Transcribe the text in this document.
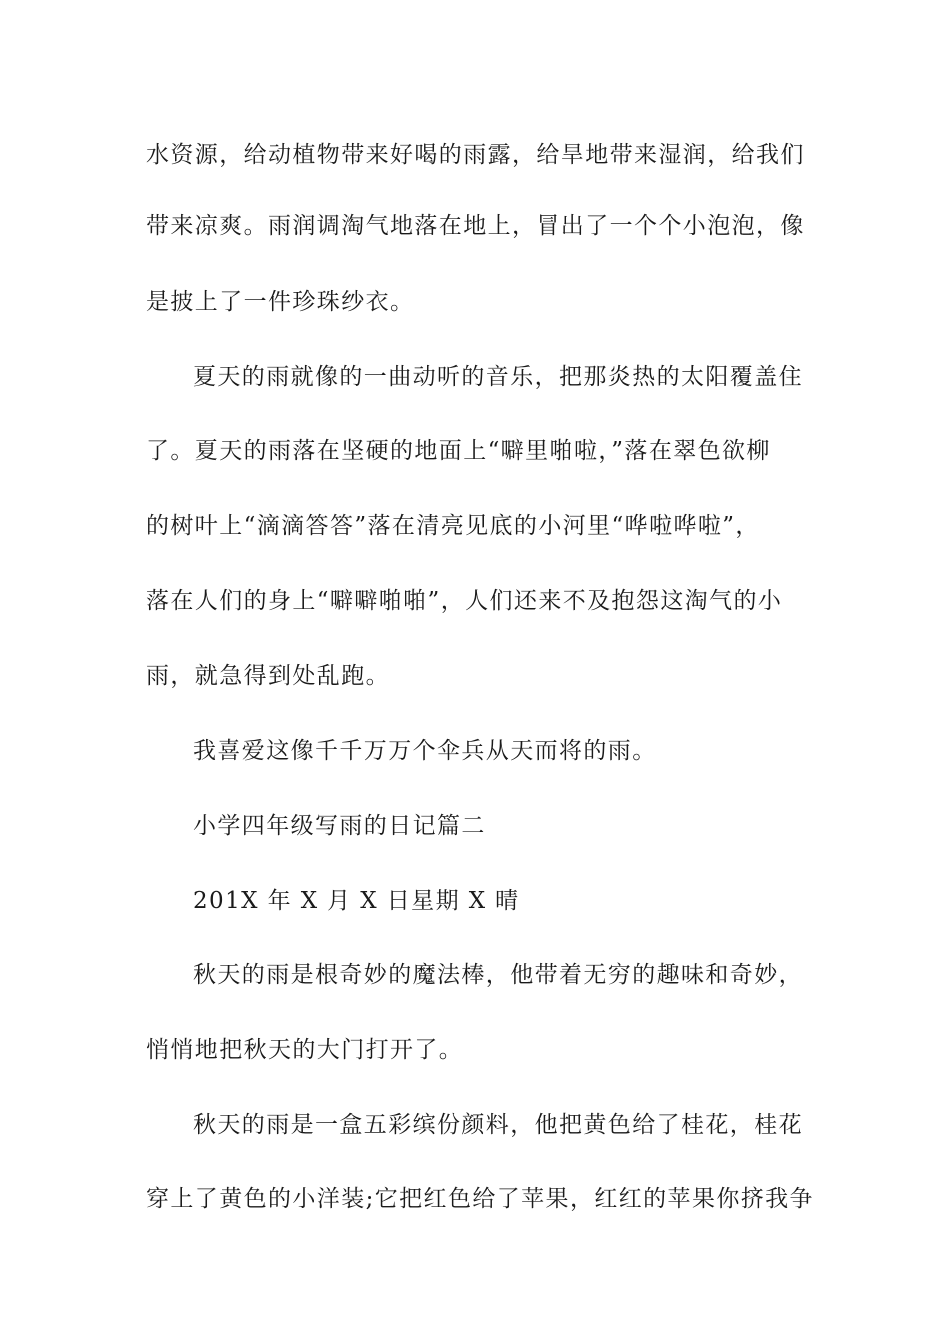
水资源，给动植物带来好喝的雨露，给旱地带来湿润，给我们
带来凉爽。雨润调淘气地落在地上，冒出了一个个小泡泡，像
是披上了一件珍珠纱衣。
夏天的雨就像的一曲动听的音乐，把那炎热的太阳覆盖住
了。夏天的雨落在坚硬的地面上“噼里啪啦，”落在翠色欲柳
的树叶上“滴滴答答”落在清亮见底的小河里“哗啦哗啦”，
落在人们的身上“噼噼啪啪”，人们还来不及抱怨这淘气的小
雨，就急得到处乱跑。
我喜爱这像千千万万个伞兵从天而将的雨。
小学四年级写雨的日记篇二
201X 年 X 月 X 日星期 X 晴
秋天的雨是根奇妙的魔法棒，他带着无穷的趣味和奇妙，
悄悄地把秋天的大门打开了。
秋天的雨是一盒五彩缤份颜料，他把黄色给了桂花，桂花
穿上了黄色的小洋装;它把红色给了苹果，红红的苹果你挤我争
